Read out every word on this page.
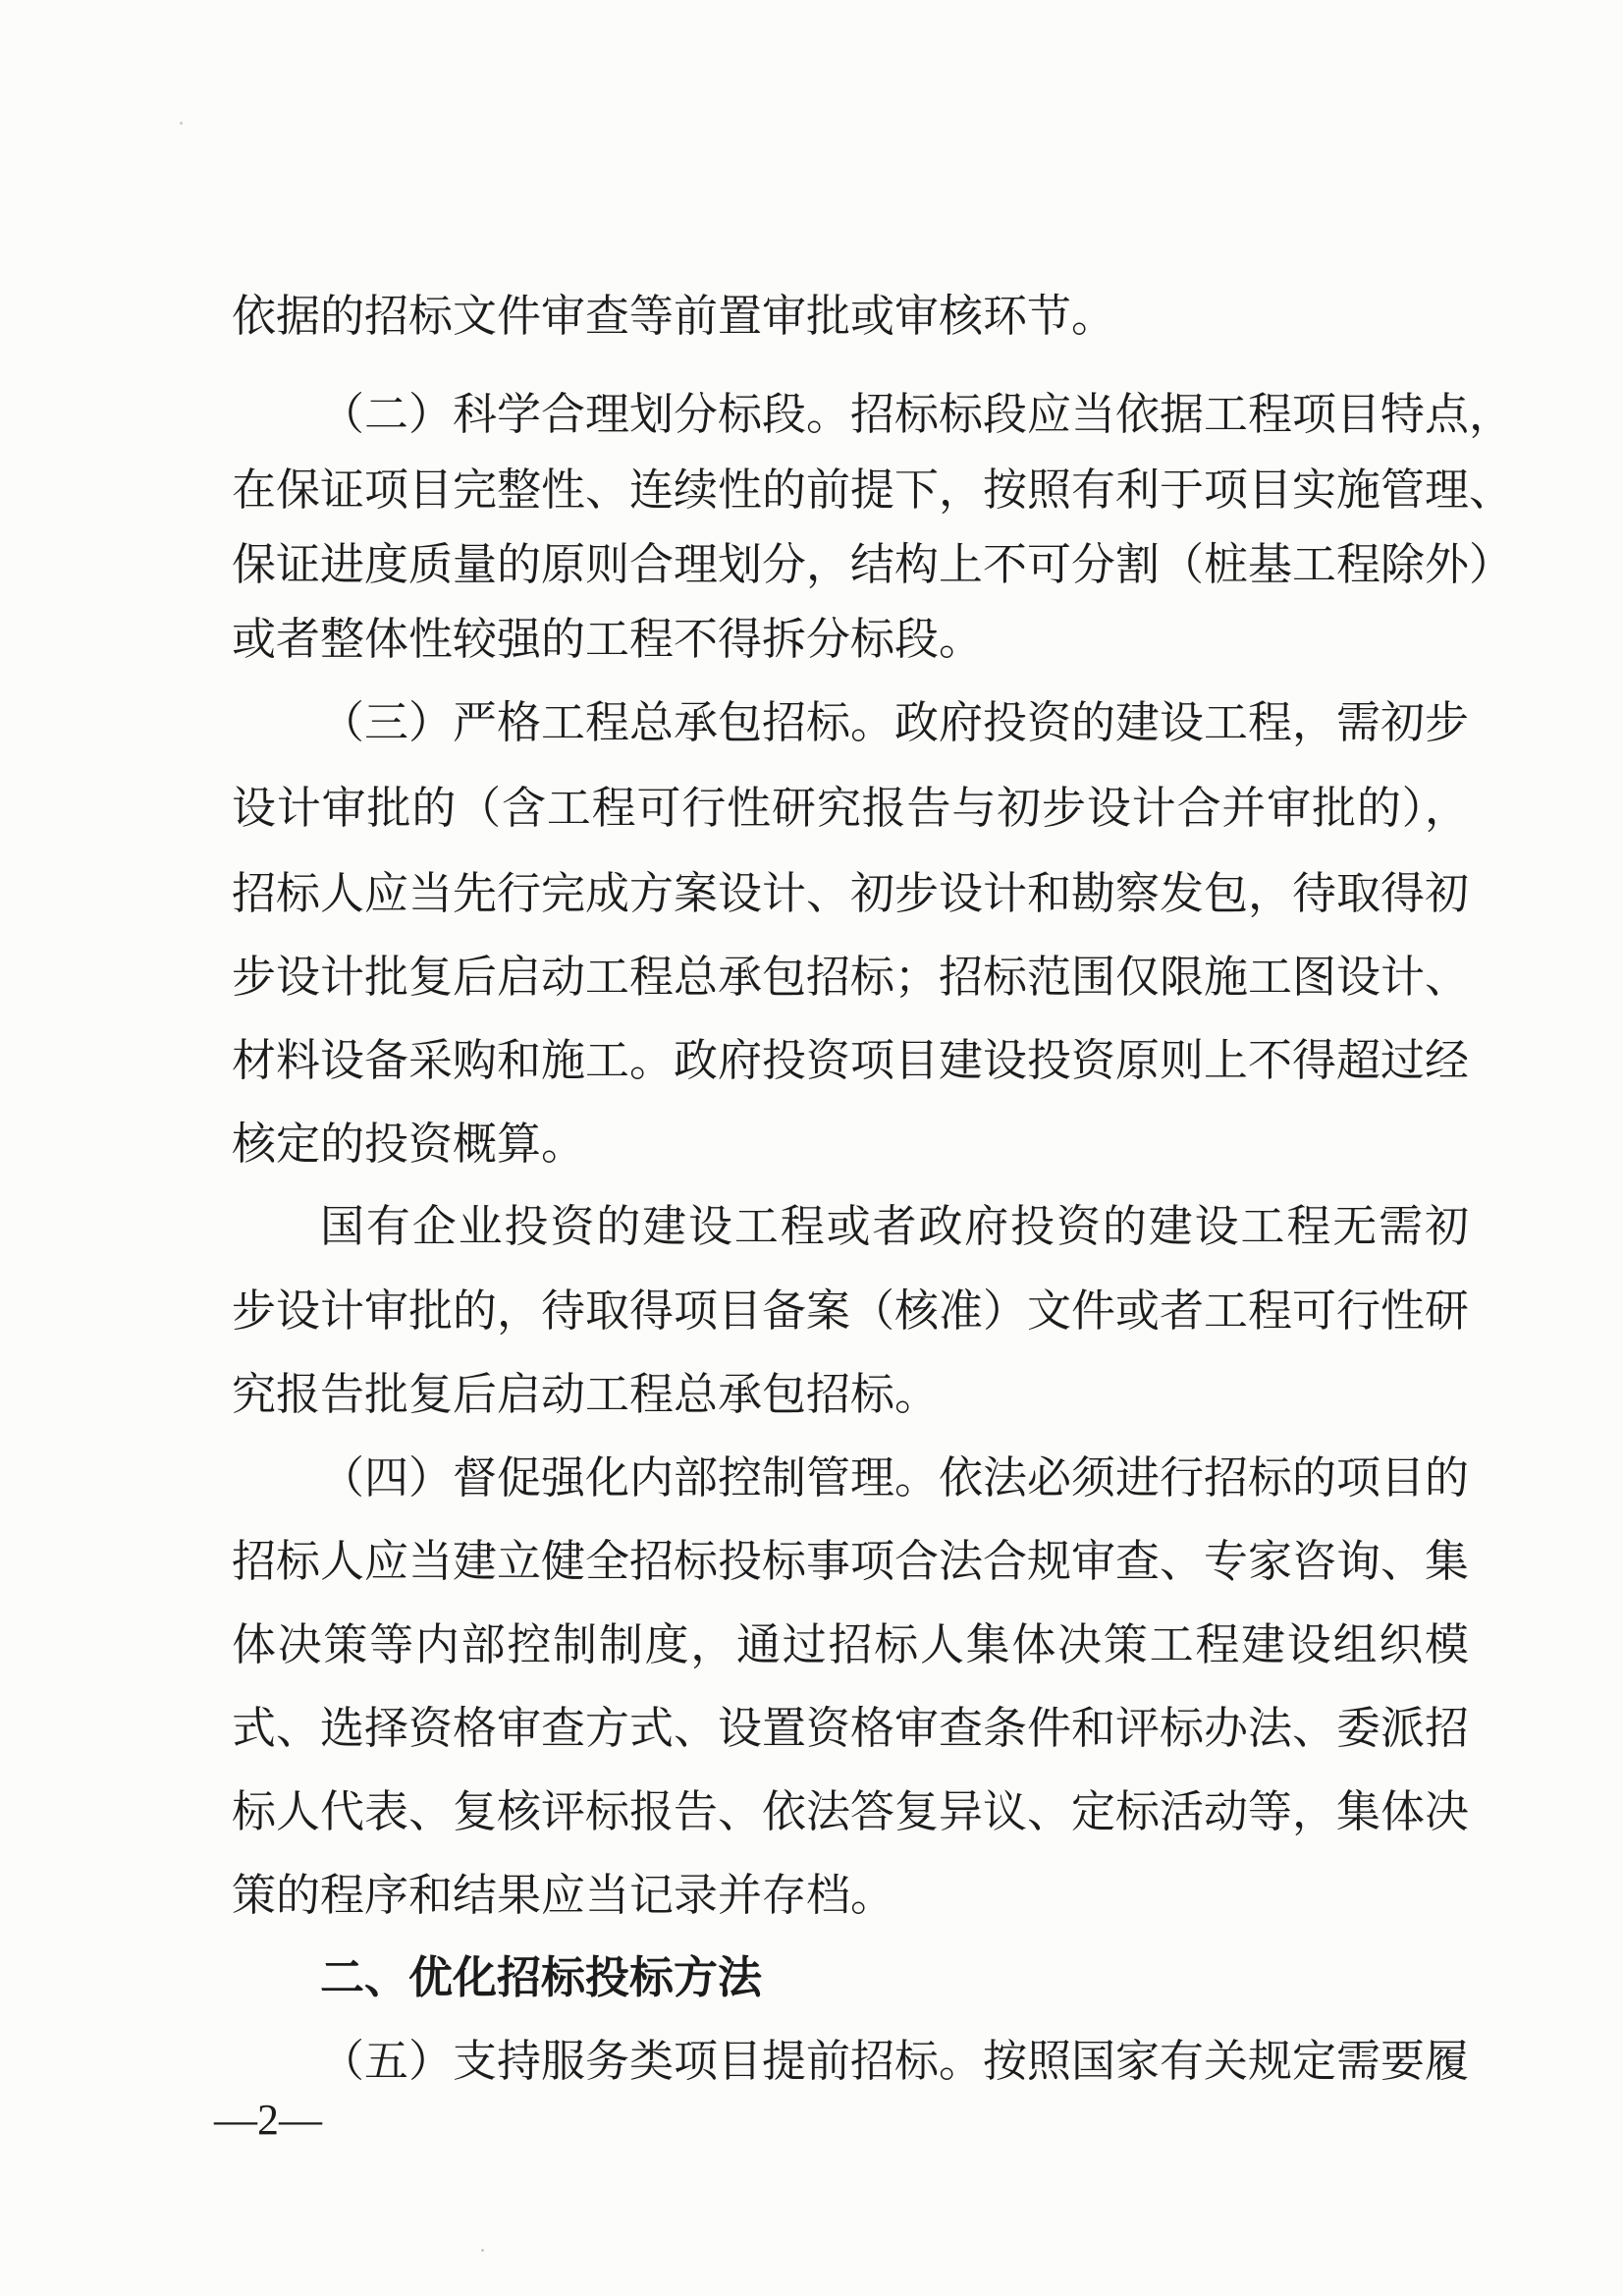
依据的招标文件审查等前置审批或审核环节。
（二）科学合理划分标段。招标标段应当依据工程项目特点，
在保证项目完整性、连续性的前提下，按照有利于项目实施管理、
保证进度质量的原则合理划分，结构上不可分割（桩基工程除外）
或者整体性较强的工程不得拆分标段。
（三）严格工程总承包招标。政府投资的建设工程，需初步
设计审批的（含工程可行性研究报告与初步设计合并审批的），
招标人应当先行完成方案设计、初步设计和勘察发包，待取得初
步设计批复后启动工程总承包招标；招标范围仅限施工图设计、
材料设备采购和施工。政府投资项目建设投资原则上不得超过经
核定的投资概算。
国有企业投资的建设工程或者政府投资的建设工程无需初
步设计审批的，待取得项目备案（核准）文件或者工程可行性研
究报告批复后启动工程总承包招标。
（四）督促强化内部控制管理。依法必须进行招标的项目的
招标人应当建立健全招标投标事项合法合规审查、专家咨询、集
体决策等内部控制制度，通过招标人集体决策工程建设组织模
式、选择资格审查方式、设置资格审查条件和评标办法、委派招
标人代表、复核评标报告、依法答复异议、定标活动等，集体决
策的程序和结果应当记录并存档。
二、优化招标投标方法
（五）支持服务类项目提前招标。按照国家有关规定需要履
—2—
